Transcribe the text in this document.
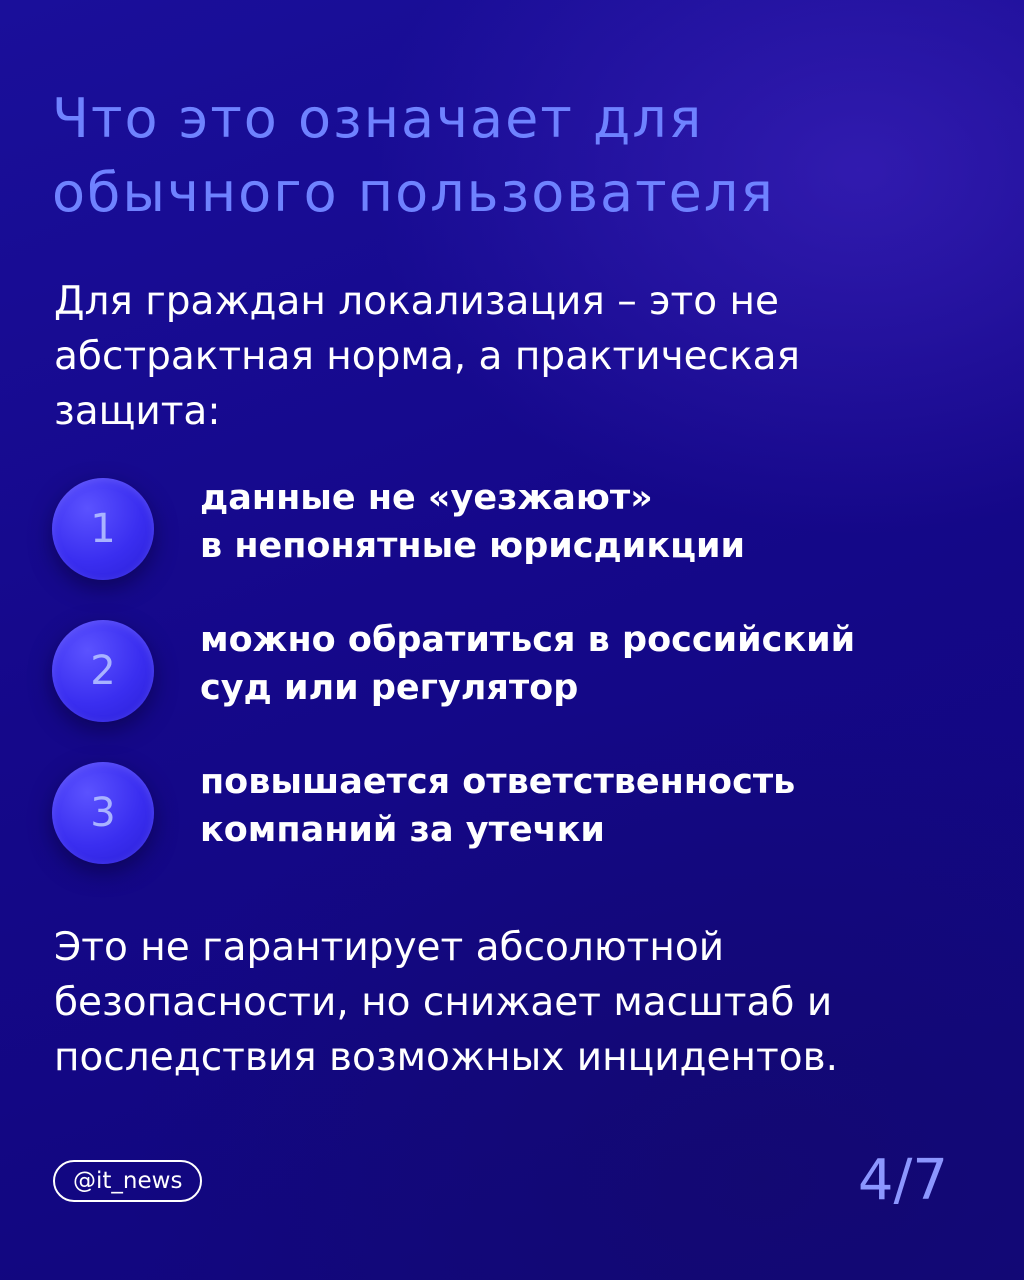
Что это означает для
обычного пользователя

Для граждан локализация – это не абстрактная норма, а практическая защита:

1
данные не «уезжают»
в непонятные юрисдикции
2
можно обратиться в российский
суд или регулятор
3
повышается ответственность
компаний за утечки

Это не гарантирует абсолютной безопасности, но снижает масштаб и последствия возможных инцидентов.

@it_news	4/7
